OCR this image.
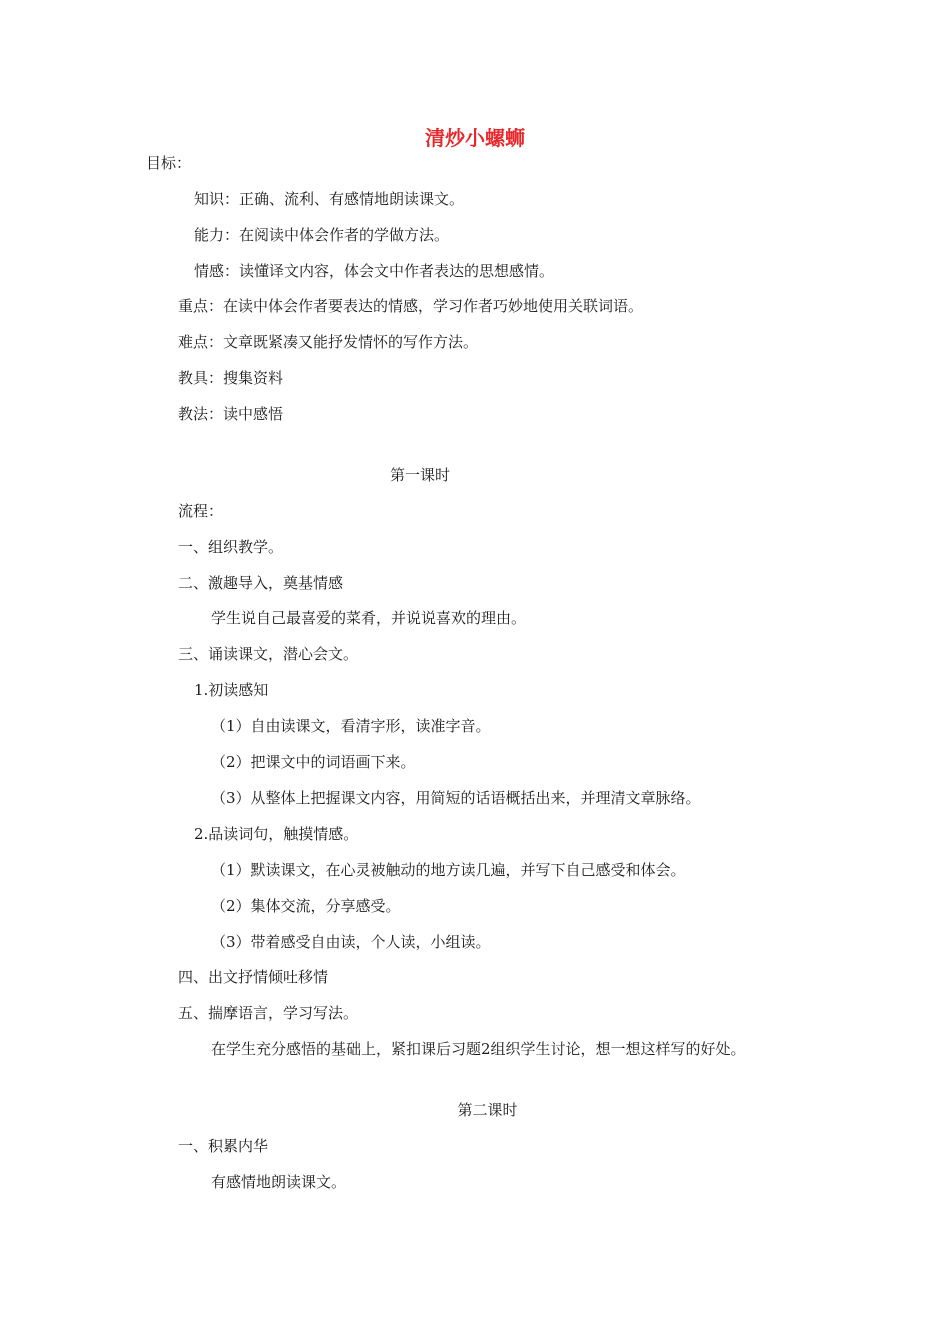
清炒小螺蛳
目标：
知识：正确、流利、有感情地朗读课文。
能力：在阅读中体会作者的学做方法。
情感：读懂译文内容，体会文中作者表达的思想感情。
重点：在读中体会作者要表达的情感，学习作者巧妙地使用关联词语。
难点：文章既紧凑又能抒发情怀的写作方法。
教具：搜集资料
教法：读中感悟
第一课时
流程：
一、组织教学。
二、激趣导入，奠基情感
学生说自己最喜爱的菜肴，并说说喜欢的理由。
三、诵读课文，潜心会文。
1.初读感知
（1）自由读课文，看清字形，读准字音。
（2）把课文中的词语画下来。
（3）从整体上把握课文内容，用简短的话语概括出来，并理清文章脉络。
2.品读词句，触摸情感。
（1）默读课文，在心灵被触动的地方读几遍，并写下自己感受和体会。
（2）集体交流，分享感受。
（3）带着感受自由读，个人读，小组读。
四、出文抒情倾吐移情
五、揣摩语言，学习写法。
在学生充分感悟的基础上，紧扣课后习题2组织学生讨论，想一想这样写的好处。
第二课时
一、积累内华
有感情地朗读课文。
